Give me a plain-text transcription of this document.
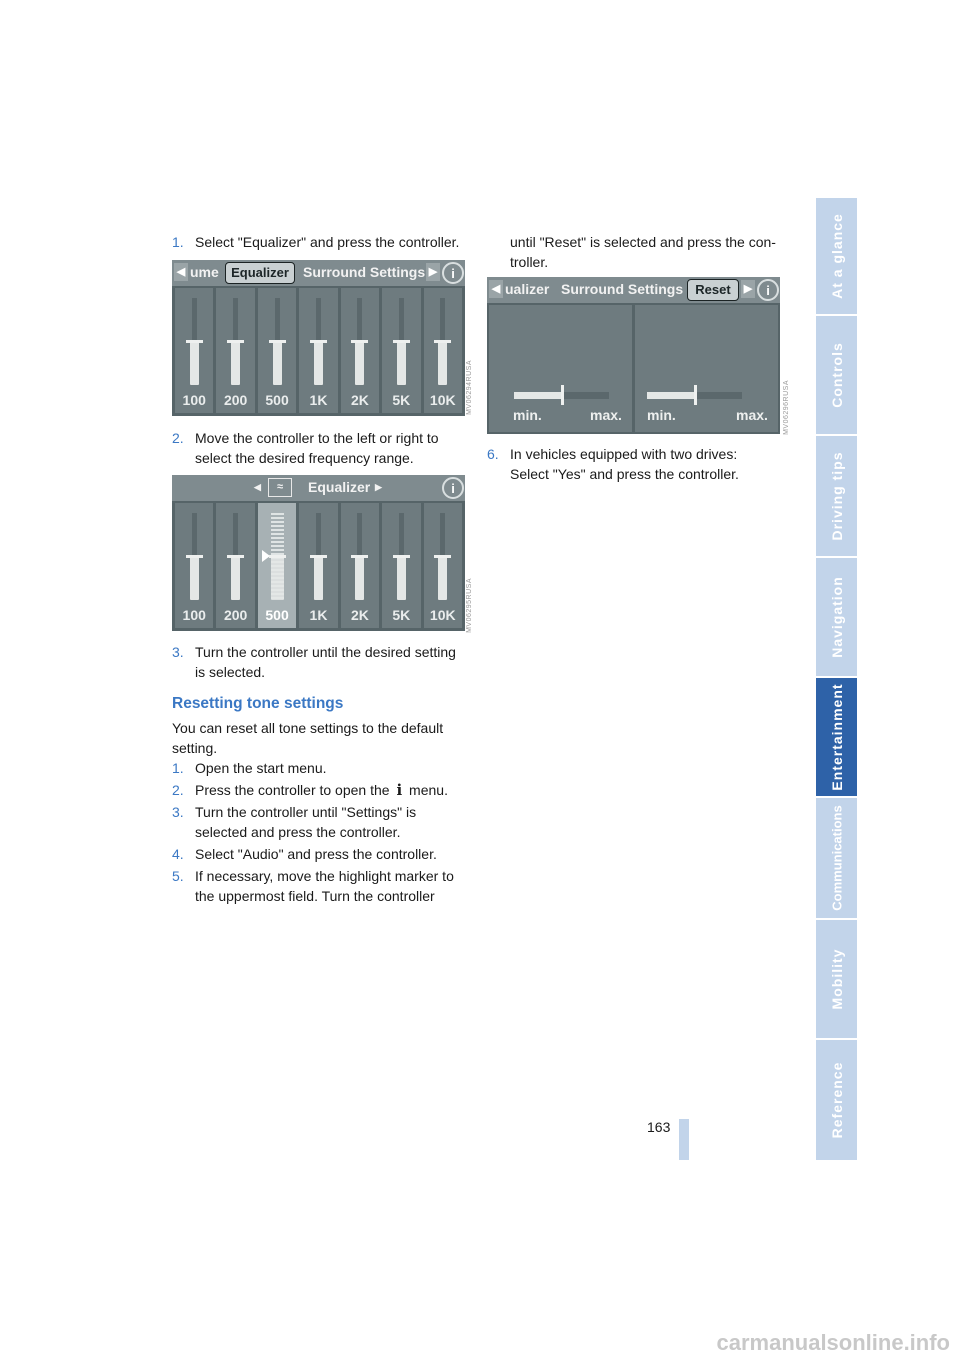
1. Select "Equalizer" and press the controller.
◀ ume Equalizer	Surround Settings ▶	i
100	200	500	1K	2K	5K	10K	MV06294RUSA
2. Move the controller to the left or right to
select the desired frequency range.
◀	≈	Equalizer ▶	i
100	200	500	1K	2K	5K	10K	MV06295RUSA
3. Turn the controller until the desired setting
is selected.
Resetting tone settings
You can reset all tone settings to the default
setting.
1. Open the start menu.
2. Press the controller to open the i menu.
3. Turn the controller until "Settings" is
selected and press the controller.
4. Select "Audio" and press the controller.
5. If necessary, move the highlight marker to
the uppermost field. Turn the controller
until "Reset" is selected and press the con-
troller.
◀ ualizer Surround Settings Reset	▶	i
min.	max. min.	max. MV06296RUSA
6. In vehicles equipped with two drives:
Select "Yes" and press the controller.
At a glance
Controls
Driving tips
Navigation
Entertainment
Communications
Mobility
Reference
163
carmanualsonline.info
